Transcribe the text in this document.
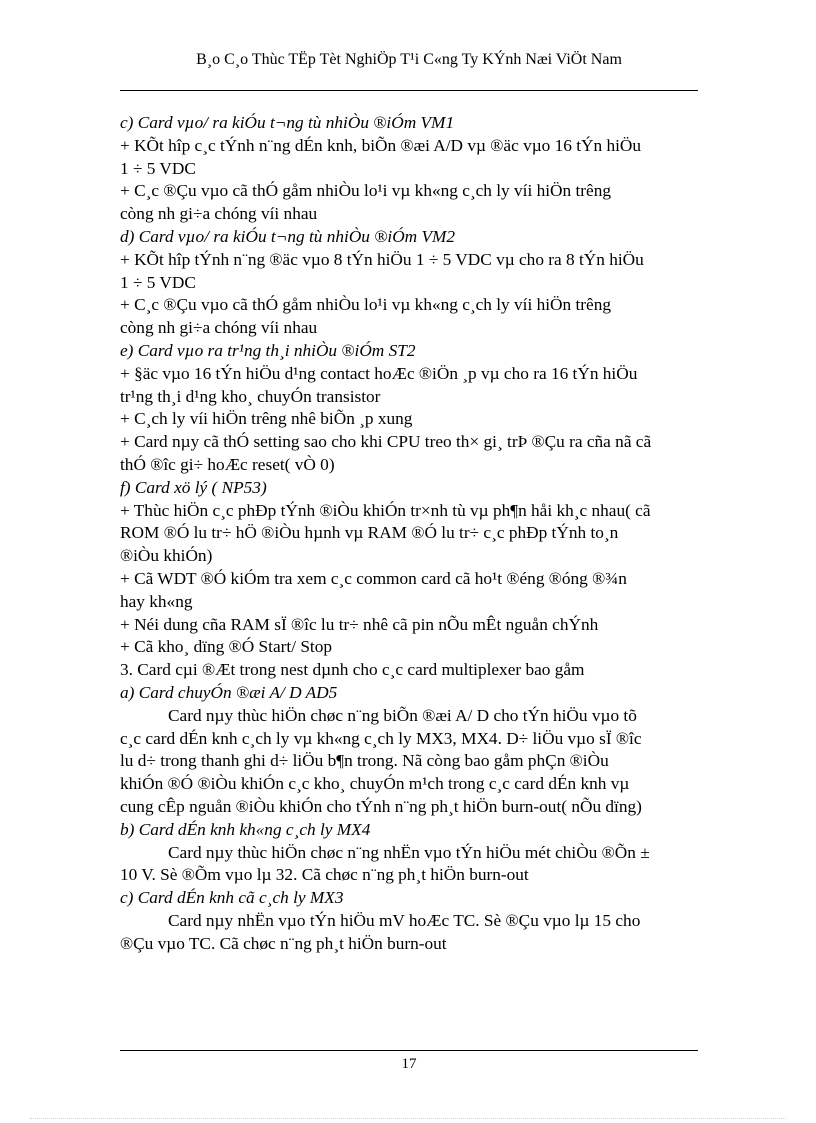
B¸o C¸o Thùc TËp Tèt NghiÖp T¹i C«ng Ty KÝnh Næi ViÖt Nam
c) Card vµo/ ra kiÓu t¬ng tù nhiÒu ®iÓm VM1
+ KÕt hîp c¸c tÝnh n¨ng dÉn knh, biÕn ®æi A/D vµ ®äc vµo 16 tÝn hiÖu
1 ÷ 5 VDC
+ C¸c ®Çu vµo cã thÓ gåm nhiÒu lo¹i vµ kh«ng c¸ch ly víi hiÖn trêng
còng nh gi÷a chóng víi nhau
d) Card vµo/ ra kiÓu t¬ng tù nhiÒu ®iÓm VM2
+ KÕt hîp tÝnh n¨ng ®äc vµo 8 tÝn hiÖu 1 ÷ 5 VDC vµ cho ra 8 tÝn hiÖu
1 ÷ 5 VDC
+ C¸c ®Çu vµo cã thÓ gåm nhiÒu lo¹i vµ kh«ng c¸ch ly víi hiÖn trêng
còng nh gi÷a chóng víi nhau
e) Card vµo ra tr¹ng th¸i nhiÒu ®iÓm ST2
+ §äc vµo 16 tÝn hiÖu d¹ng contact hoÆc ®iÖn ¸p vµ cho ra 16 tÝn hiÖu
tr¹ng th¸i d¹ng kho¸ chuyÓn transistor
+ C¸ch ly víi hiÖn trêng nhê biÕn ¸p xung
+ Card nµy cã thÓ setting sao cho khi CPU treo th× gi¸ trÞ ®Çu ra cña nã cã
thÓ ®îc gi÷ hoÆc reset( vÒ 0)
f) Card xö lý ( NP53)
+ Thùc hiÖn c¸c phÐp tÝnh ®iÒu khiÓn tr×nh tù vµ ph¶n håi kh¸c nhau( cã
ROM ®Ó lu tr÷ hÖ ®iÒu hµnh vµ RAM ®Ó lu tr÷ c¸c phÐp tÝnh to¸n
®iÒu khiÓn)
+ Cã WDT ®Ó kiÓm tra xem c¸c common card cã ho¹t ®éng ®óng ®¾n
hay kh«ng
+ Néi dung cña RAM sÏ ®îc lu tr÷ nhê cã pin nÕu mÊt nguån chÝnh
+ Cã kho¸ dïng ®Ó Start/ Stop
3. Card cµi ®Æt trong nest dµnh cho c¸c card multiplexer bao gåm
a) Card chuyÓn ®æi A/ D AD5
Card nµy thùc hiÖn chøc n¨ng biÕn ®æi A/ D cho tÝn hiÖu vµo tõ
c¸c card dÉn knh c¸ch ly vµ kh«ng c¸ch ly MX3, MX4. D÷ liÖu vµo sÏ ®îc
lu d÷ trong thanh ghi d÷ liÖu b¶n trong. Nã còng bao gåm phÇn ®iÒu
khiÓn ®Ó ®iÒu khiÓn c¸c kho¸ chuyÓn m¹ch trong c¸c card dÉn knh vµ
cung cÊp nguån ®iÒu khiÓn cho tÝnh n¨ng ph¸t hiÖn burn-out( nÕu dïng)
b) Card dÉn knh kh«ng c¸ch ly MX4
Card nµy thùc hiÖn chøc n¨ng nhËn vµo tÝn hiÖu mét chiÒu ®Õn ±
10 V. Sè ®Õm vµo lµ 32. Cã chøc n¨ng ph¸t hiÖn burn-out
c) Card dÉn knh cã c¸ch ly MX3
Card nµy nhËn vµo tÝn hiÖu mV hoÆc TC. Sè ®Çu vµo lµ 15 cho
®Çu vµo TC. Cã chøc n¨ng ph¸t hiÖn burn-out
17
